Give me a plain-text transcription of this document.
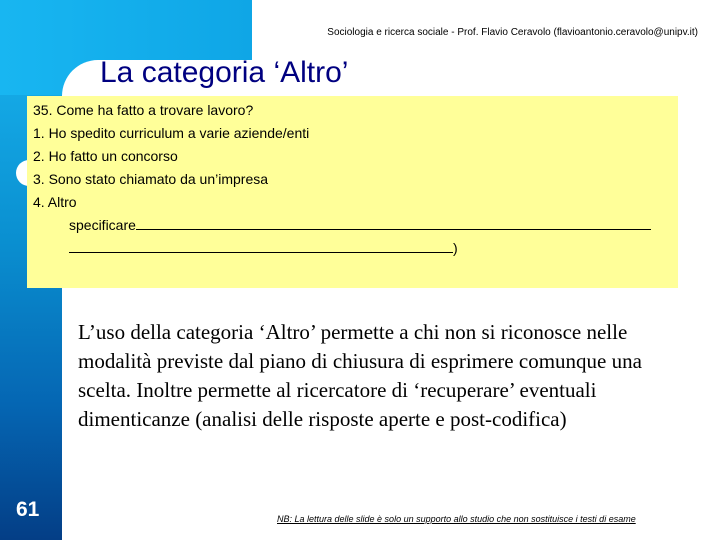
Sociologia e ricerca sociale - Prof. Flavio Ceravolo (flavioantonio.ceravolo@unipv.it)
La categoria ‘Altro’
35. Come ha fatto a trovare lavoro?
1. Ho spedito curriculum a varie aziende/enti
2. Ho fatto un concorso
3. Sono stato chiamato da un’impresa
4. Altro
specificare
)

L’uso della categoria ‘Altro’ permette a chi non si riconosce nelle modalità previste dal piano di chiusura di esprimere comunque una scelta. Inoltre permette al ricercatore di ‘recuperare’ eventuali dimenticanze (analisi delle risposte aperte e post-codifica)

61	NB: La lettura delle slide è solo un supporto allo studio che non sostituisce i testi di esame
